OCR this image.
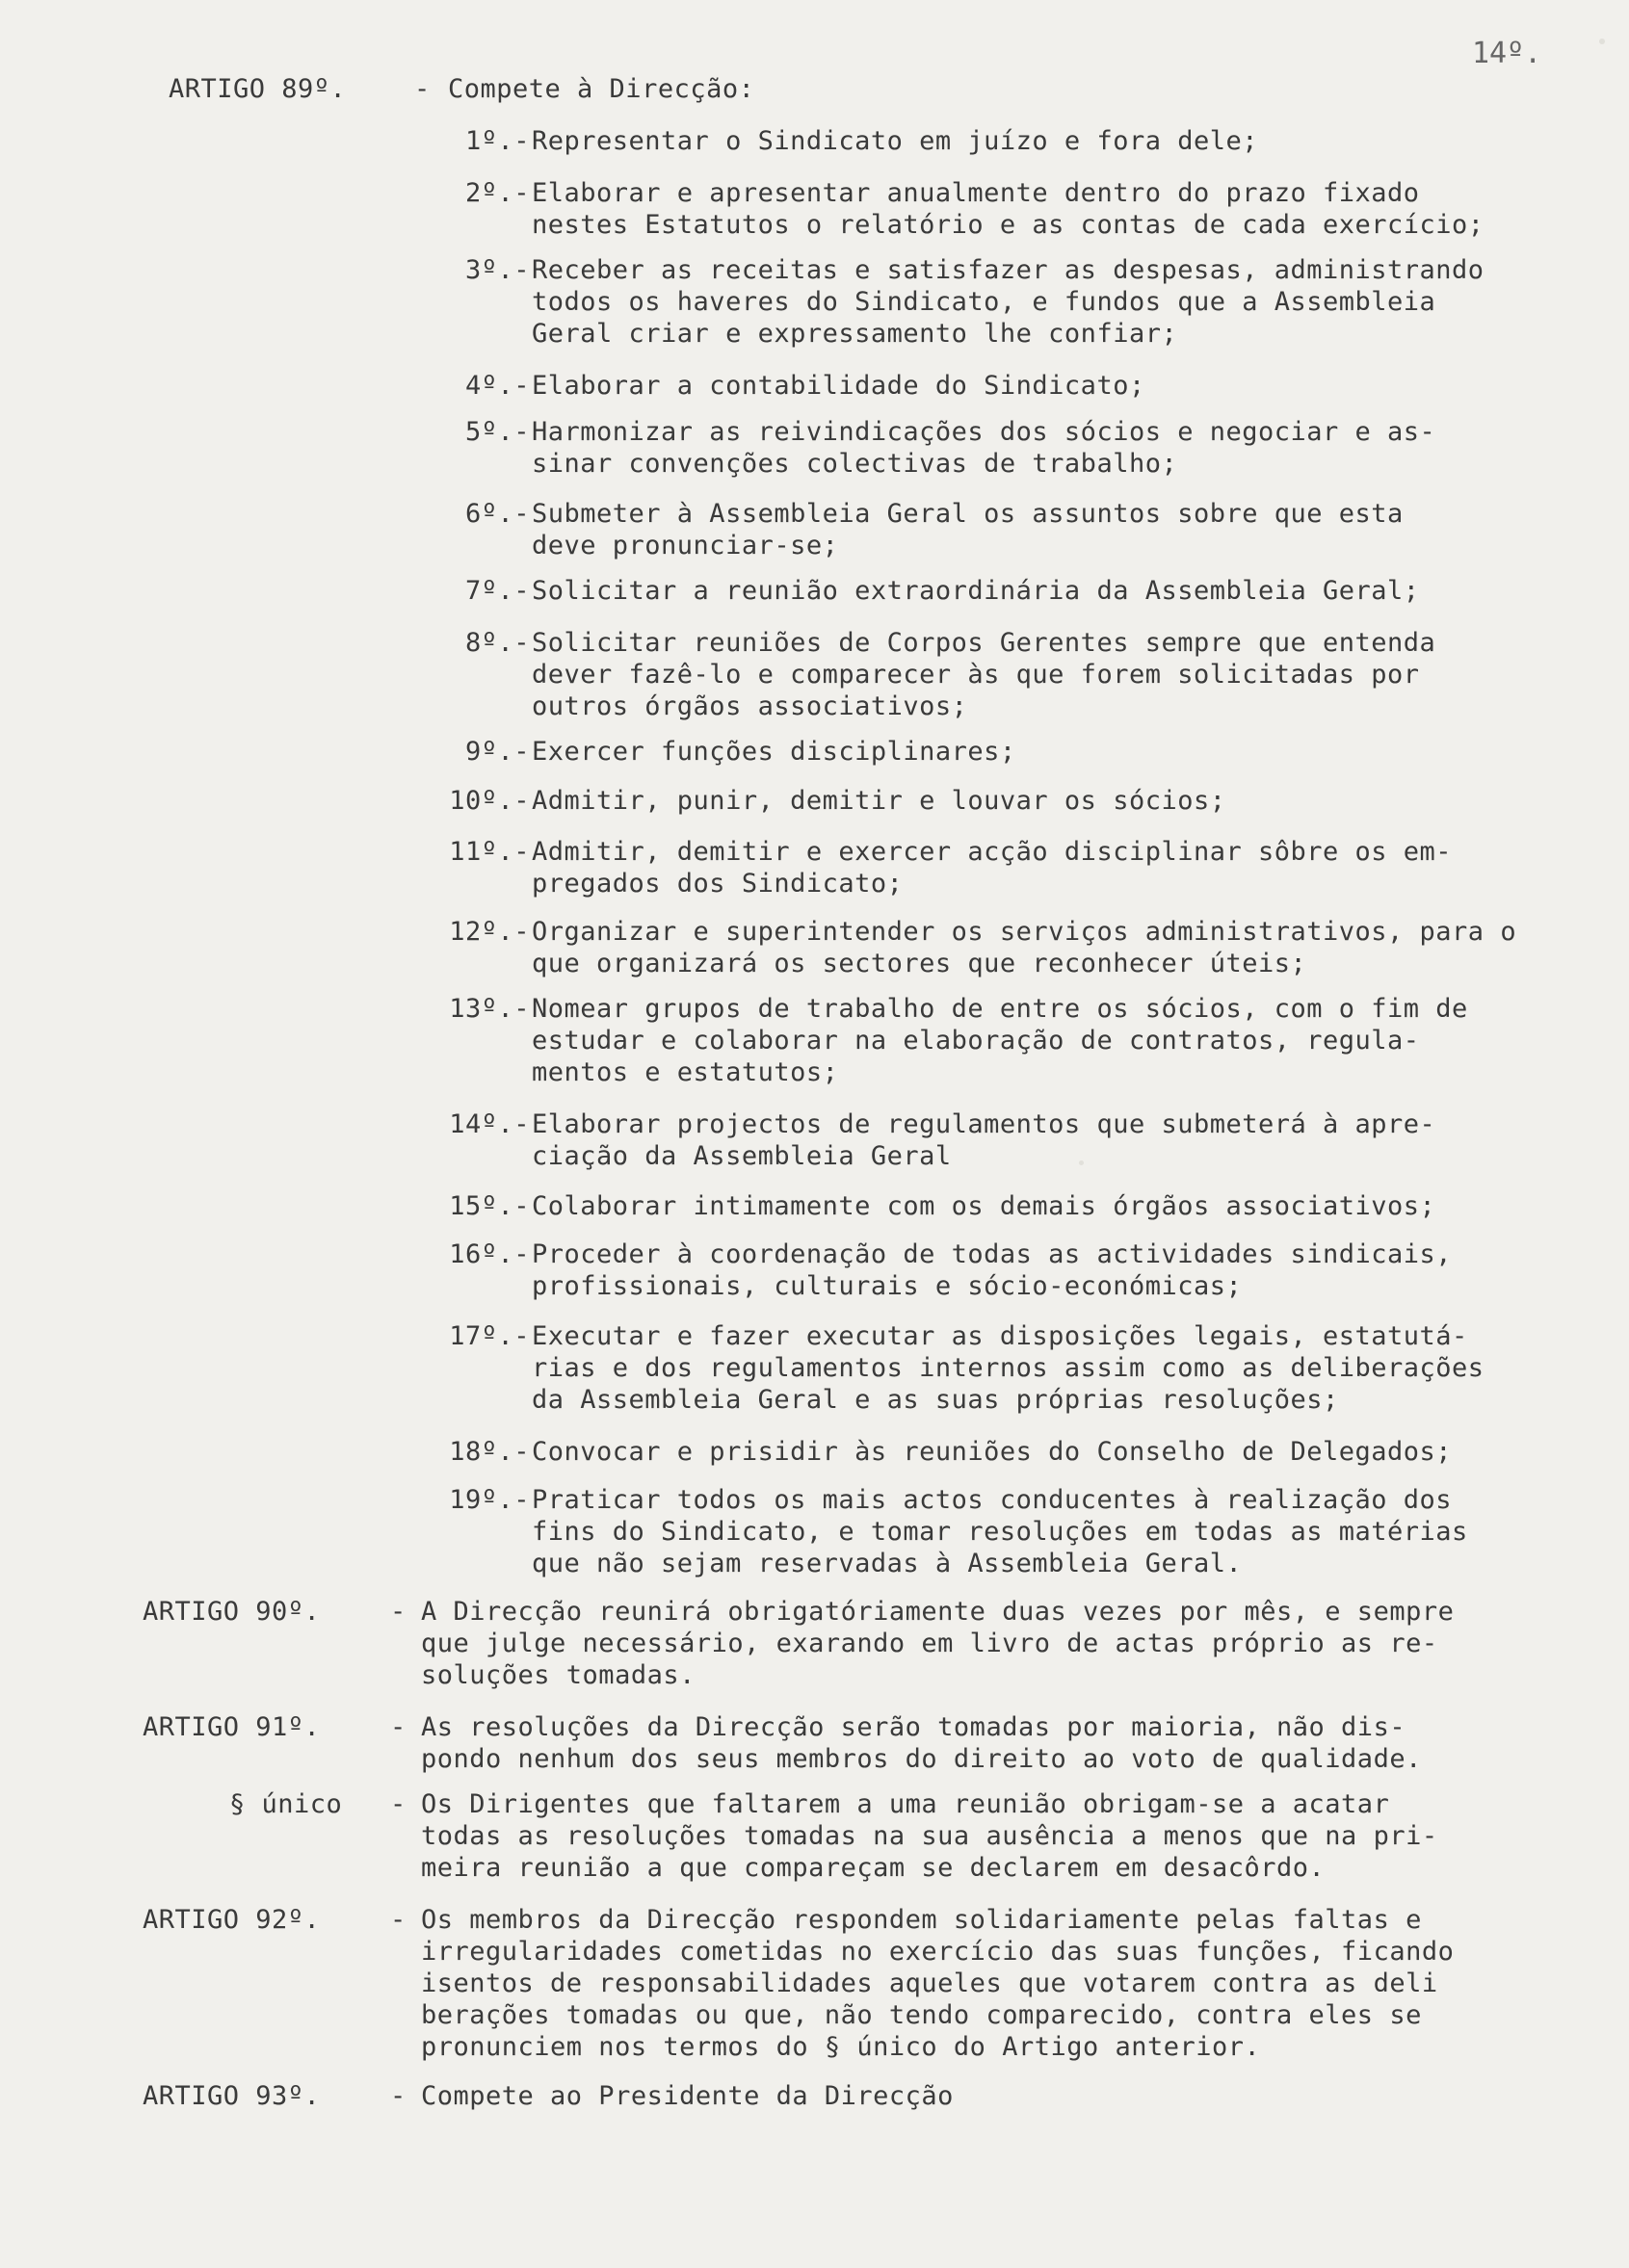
14º.
ARTIGO 89º.	- Compete à Direcção:
1º.- Representar o Sindicato em juízo e fora dele;
2º.- Elaborar e apresentar anualmente dentro do prazo fixado
nestes Estatutos o relatório e as contas de cada exercício;
3º.- Receber as receitas e satisfazer as despesas, administrando
todos os haveres do Sindicato, e fundos que a Assembleia
Geral criar e expressamento lhe confiar;
4º.- Elaborar a contabilidade do Sindicato;
5º.- Harmonizar as reivindicações dos sócios e negociar e as-
sinar convenções colectivas de trabalho;
6º.- Submeter à Assembleia Geral os assuntos sobre que esta
deve pronunciar-se;
7º.- Solicitar a reunião extraordinária da Assembleia Geral;
8º.- Solicitar reuniões de Corpos Gerentes sempre que entenda
dever fazê-lo e comparecer às que forem solicitadas por
outros órgãos associativos;
9º.- Exercer funções disciplinares;
10º.- Admitir, punir, demitir e louvar os sócios;
11º.- Admitir, demitir e exercer acção disciplinar sôbre os em-
pregados dos Sindicato;
12º.- Organizar e superintender os serviços administrativos, para o
que organizará os sectores que reconhecer úteis;
13º.- Nomear grupos de trabalho de entre os sócios, com o fim de
estudar e colaborar na elaboração de contratos, regula-
mentos e estatutos;
14º.- Elaborar projectos de regulamentos que submeterá à apre-
ciação da Assembleia Geral
15º.- Colaborar intimamente com os demais órgãos associativos;
16º.- Proceder à coordenação de todas as actividades sindicais,
profissionais, culturais e sócio-económicas;
17º.- Executar e fazer executar as disposições legais, estatutá-
rias e dos regulamentos internos assim como as deliberações
da Assembleia Geral e as suas próprias resoluções;
18º.- Convocar e prisidir às reuniões do Conselho de Delegados;
19º.- Praticar todos os mais actos conducentes à realização dos
fins do Sindicato, e tomar resoluções em todas as matérias
que não sejam reservadas à Assembleia Geral.
ARTIGO 90º.	- A Direcção reunirá obrigatóriamente duas vezes por mês, e sempre
que julge necessário, exarando em livro de actas próprio as re-
soluções tomadas.
ARTIGO 91º.	- As resoluções da Direcção serão tomadas por maioria, não dis-
pondo nenhum dos seus membros do direito ao voto de qualidade.
§ único - Os Dirigentes que faltarem a uma reunião obrigam-se a acatar
todas as resoluções tomadas na sua ausência a menos que na pri-
meira reunião a que compareçam se declarem em desacôrdo.
ARTIGO 92º.	- Os membros da Direcção respondem solidariamente pelas faltas e
irregularidades cometidas no exercício das suas funções, ficando
isentos de responsabilidades aqueles que votarem contra as deli
berações tomadas ou que, não tendo comparecido, contra eles se
pronunciem nos termos do § único do Artigo anterior.
ARTIGO 93º.	- Compete ao Presidente da Direcção
